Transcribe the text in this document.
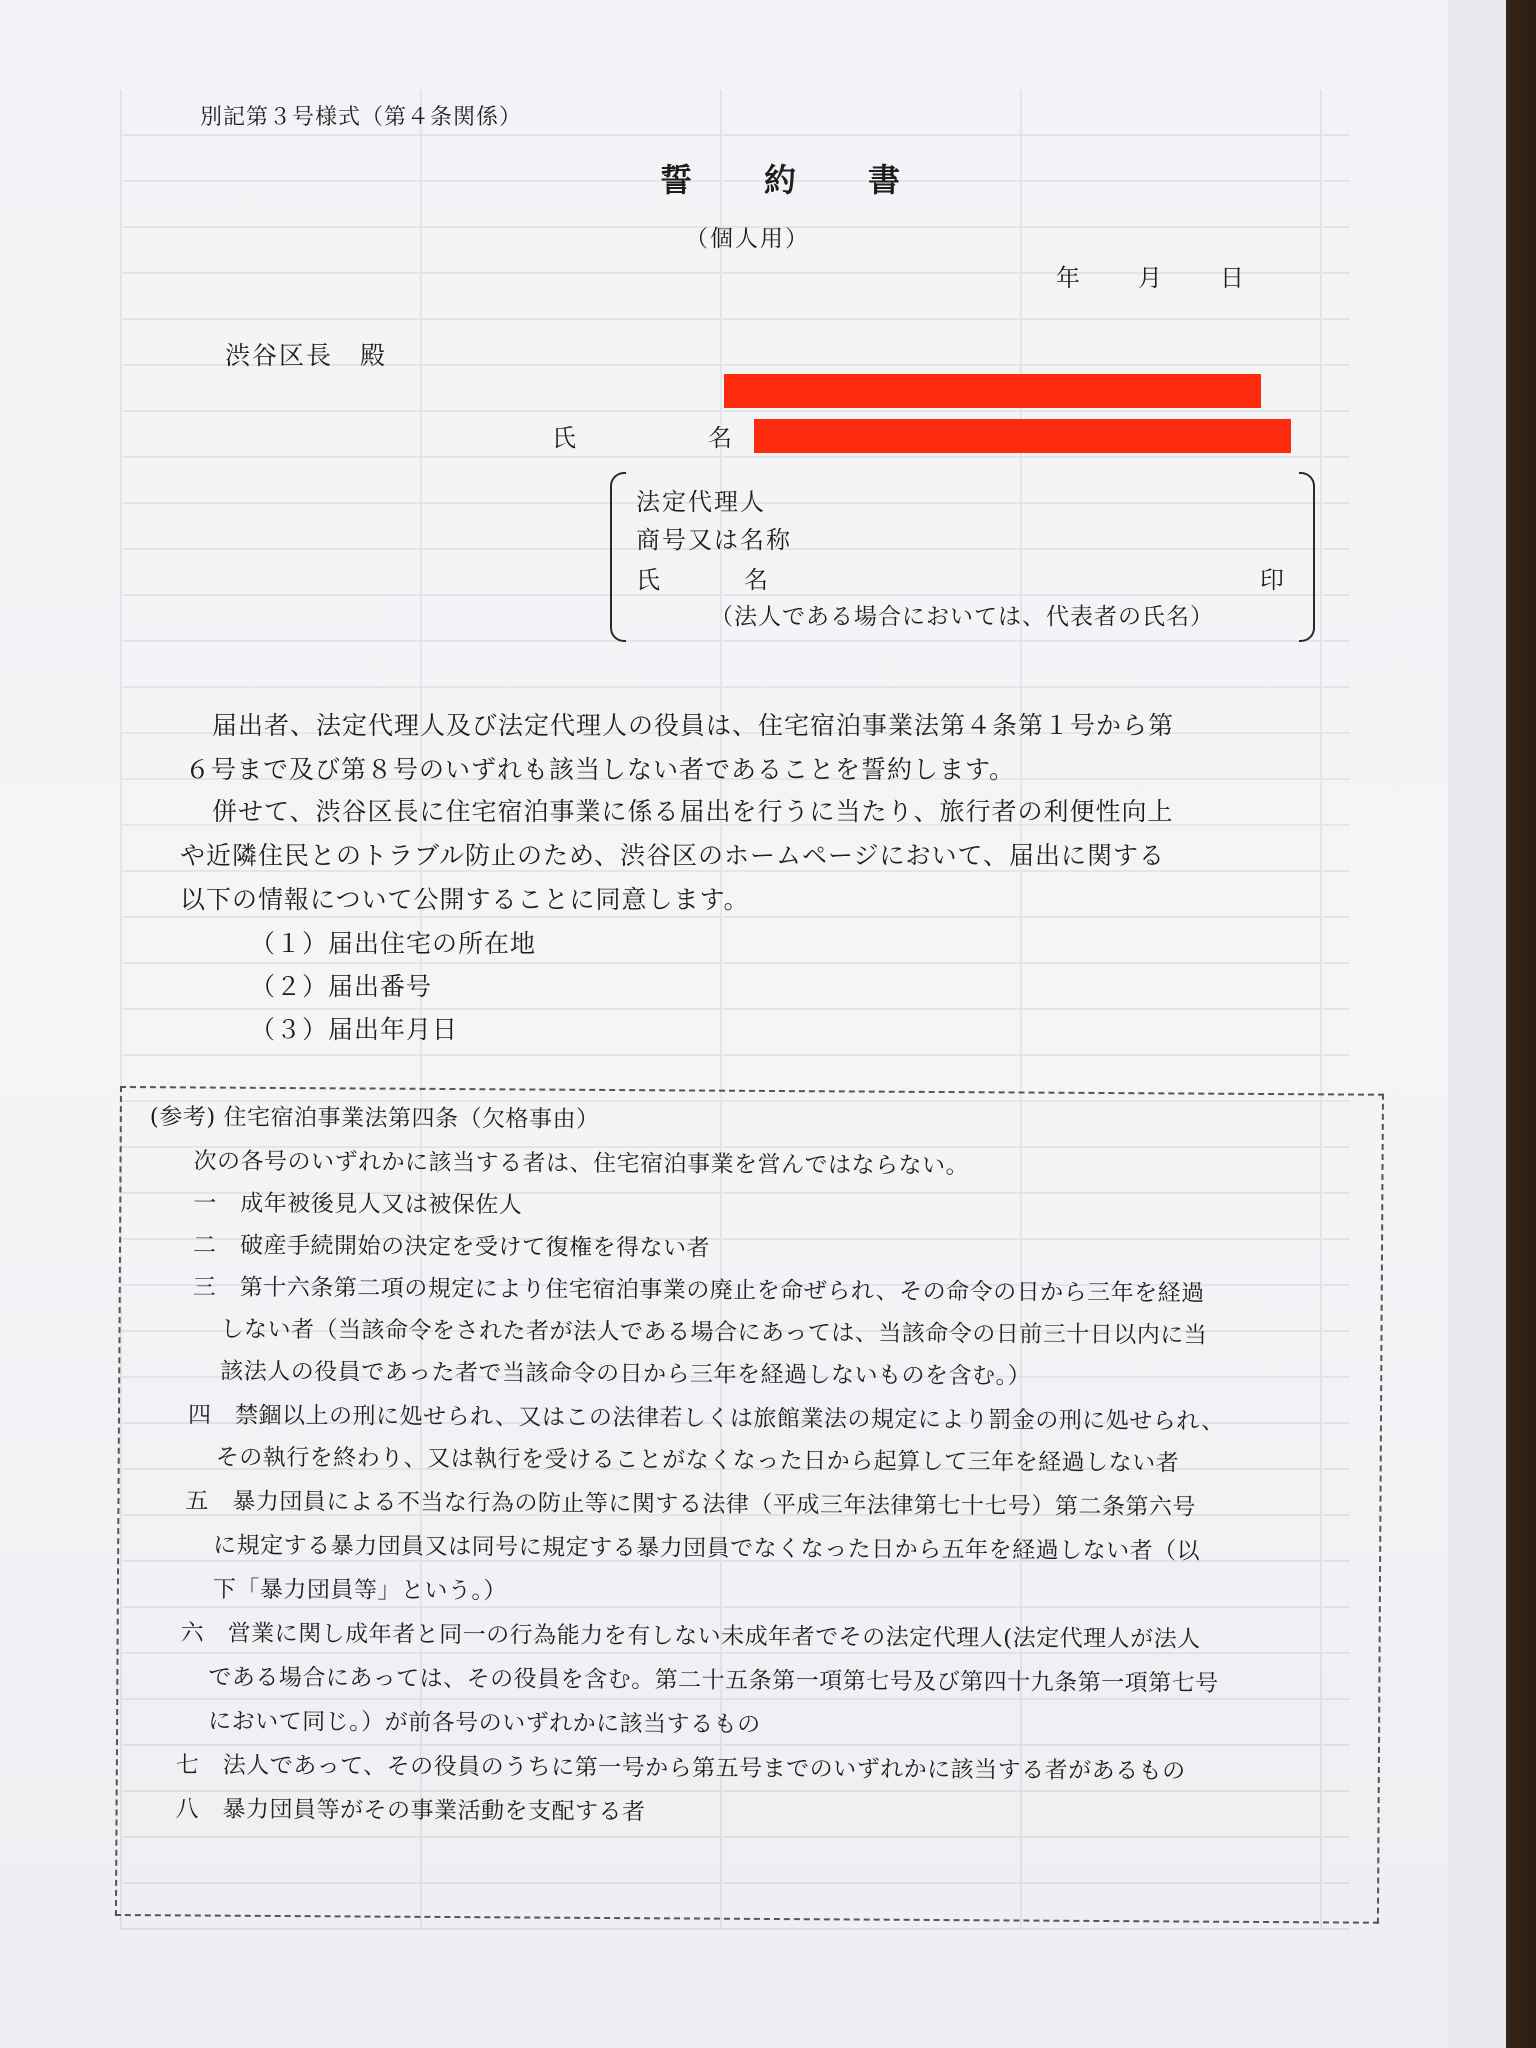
別記第３号様式（第４条関係）
誓　約　書
（個人用）
年 月 日
渋谷区長　殿
氏	名
法定代理人
商号又は名称
氏	名	印
（法人である場合においては、代表者の氏名）
届出者、法定代理人及び法定代理人の役員は、住宅宿泊事業法第４条第１号から第
６号まで及び第８号のいずれも該当しない者であることを誓約します。
併せて、渋谷区長に住宅宿泊事業に係る届出を行うに当たり、旅行者の利便性向上
や近隣住民とのトラブル防止のため、渋谷区のホームページにおいて、届出に関する
以下の情報について公開することに同意します。
（１）届出住宅の所在地
（２）届出番号
（３）届出年月日
(参考) 住宅宿泊事業法第四条（欠格事由）
次の各号のいずれかに該当する者は、住宅宿泊事業を営んではならない。
一　成年被後見人又は被保佐人
二　破産手続開始の決定を受けて復権を得ない者
三　第十六条第二項の規定により住宅宿泊事業の廃止を命ぜられ、その命令の日から三年を経過
しない者（当該命令をされた者が法人である場合にあっては、当該命令の日前三十日以内に当
該法人の役員であった者で当該命令の日から三年を経過しないものを含む。）
四　禁錮以上の刑に処せられ、又はこの法律若しくは旅館業法の規定により罰金の刑に処せられ、
その執行を終わり、又は執行を受けることがなくなった日から起算して三年を経過しない者
五　暴力団員による不当な行為の防止等に関する法律（平成三年法律第七十七号）第二条第六号
に規定する暴力団員又は同号に規定する暴力団員でなくなった日から五年を経過しない者（以
下「暴力団員等」という。）
六　営業に関し成年者と同一の行為能力を有しない未成年者でその法定代理人(法定代理人が法人
である場合にあっては、その役員を含む。第二十五条第一項第七号及び第四十九条第一項第七号
において同じ。）が前各号のいずれかに該当するもの
七　法人であって、その役員のうちに第一号から第五号までのいずれかに該当する者があるもの
八　暴力団員等がその事業活動を支配する者
